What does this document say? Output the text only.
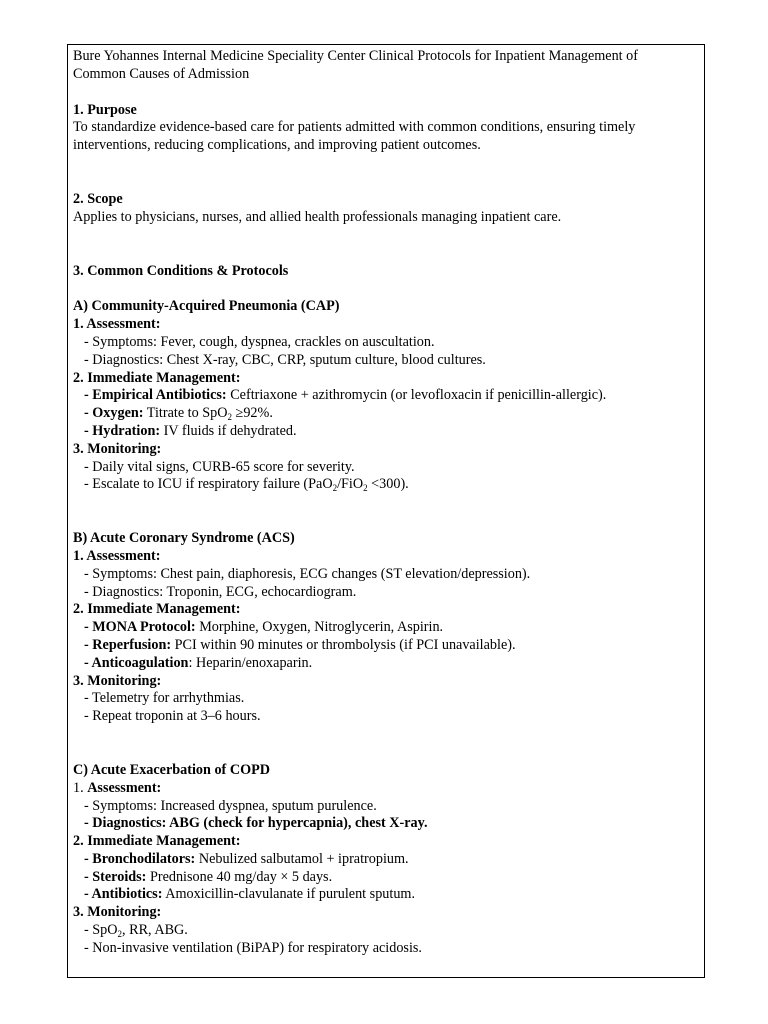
Bure Yohannes Internal Medicine Speciality Center Clinical Protocols for Inpatient Management of
Common Causes of Admission
1. Purpose
To standardize evidence-based care for patients admitted with common conditions, ensuring timely
interventions, reducing complications, and improving patient outcomes.
2. Scope
Applies to physicians, nurses, and allied health professionals managing inpatient care.
3. Common Conditions & Protocols
A) Community-Acquired Pneumonia (CAP)
1. Assessment:
- Symptoms: Fever, cough, dyspnea, crackles on auscultation.
- Diagnostics: Chest X-ray, CBC, CRP, sputum culture, blood cultures.
2. Immediate Management:
- Empirical Antibiotics: Ceftriaxone + azithromycin (or levofloxacin if penicillin-allergic).
- Oxygen: Titrate to SpO$_2$ ≥92%.
- Hydration: IV fluids if dehydrated.
3. Monitoring:
- Daily vital signs, CURB-65 score for severity.
- Escalate to ICU if respiratory failure (PaO$_2$/FiO$_2$ <300).
B) Acute Coronary Syndrome (ACS)
1. Assessment:
- Symptoms: Chest pain, diaphoresis, ECG changes (ST elevation/depression).
- Diagnostics: Troponin, ECG, echocardiogram.
2. Immediate Management:
- MONA Protocol: Morphine, Oxygen, Nitroglycerin, Aspirin.
- Reperfusion: PCI within 90 minutes or thrombolysis (if PCI unavailable).
- Anticoagulation: Heparin/enoxaparin.
3. Monitoring:
- Telemetry for arrhythmias.
- Repeat troponin at 3–6 hours.
C) Acute Exacerbation of COPD
1. Assessment:
- Symptoms: Increased dyspnea, sputum purulence.
- Diagnostics: ABG (check for hypercapnia), chest X-ray.
2. Immediate Management:
- Bronchodilators: Nebulized salbutamol + ipratropium.
- Steroids: Prednisone 40 mg/day × 5 days.
- Antibiotics: Amoxicillin-clavulanate if purulent sputum.
3. Monitoring:
- SpO$_2$, RR, ABG.
- Non-invasive ventilation (BiPAP) for respiratory acidosis.
